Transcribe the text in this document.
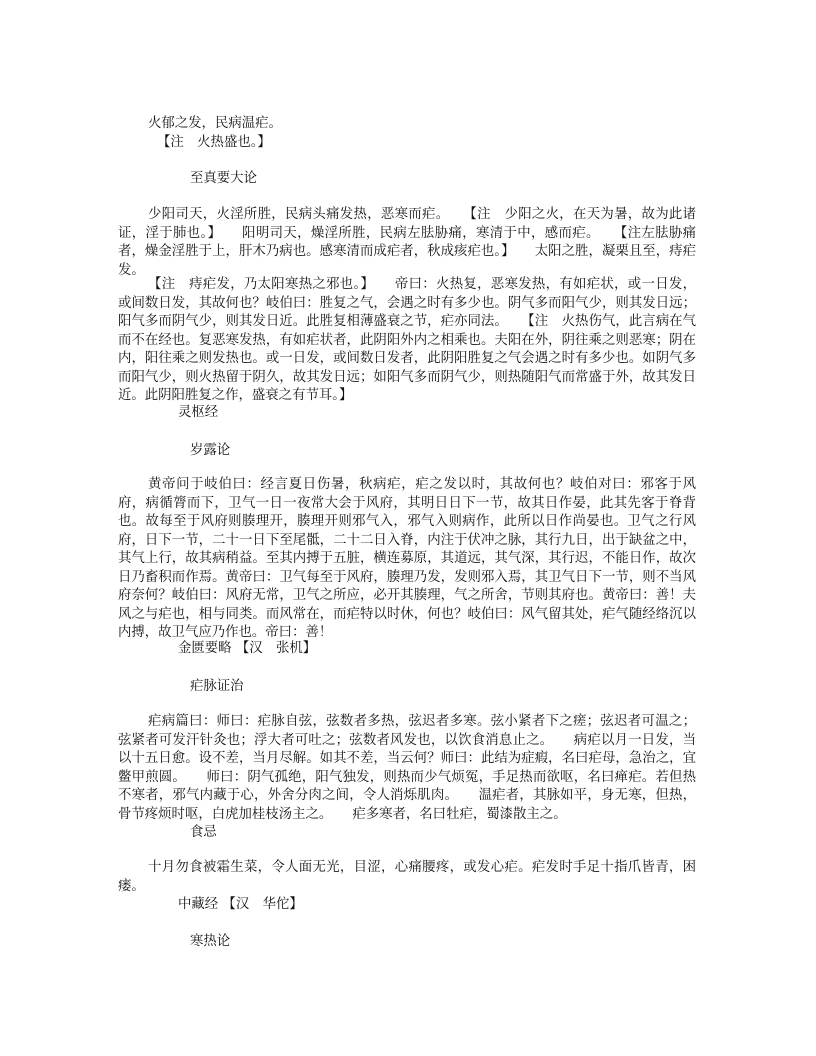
火郁之发，民病温疟。
【注　火热盛也。】
至真要大论

少阳司天，火淫所胜，民病头痛发热，恶寒而疟。　　【注　少阳之火，在天为暑，故为此诸证，淫于肺也。】　　阳明司天，燥淫所胜，民病左胠胁痛，寒清于中，感而疟。　　【注左胠胁痛者，燥金淫胜于上，肝木乃病也。感寒清而成疟者，秋成痎疟也。】　　太阳之胜，凝栗且至，痔疟发。

【注　痔疟发，乃太阳寒热之邪也。】　　帝曰：火热复，恶寒发热，有如疟状，或一日发，或间数日发，其故何也？岐伯曰：胜复之气，会遇之时有多少也。阴气多而阳气少，则其发日远；阳气多而阴气少，则其发日近。此胜复相薄盛衰之节，疟亦同法。　　【注　火热伤气，此言病在气而不在经也。复恶寒发热，有如疟状者，此阴阳外内之相乘也。夫阳在外，阴往乘之则恶寒；阴在内，阳往乘之则发热也。或一日发，或间数日发者，此阴阳胜复之气会遇之时有多少也。如阴气多而阳气少，则火热留于阴久，故其发日远；如阳气多而阴气少，则热随阳气而常盛于外，故其发日近。此阴阳胜复之作，盛衰之有节耳。】

灵枢经
岁露论

黄帝问于岐伯曰：经言夏日伤暑，秋病疟，疟之发以时，其故何也？岐伯对曰：邪客于风府，病循膂而下，卫气一日一夜常大会于风府，其明日日下一节，故其日作晏，此其先客于脊背也。故每至于风府则腠理开，腠理开则邪气入，邪气入则病作，此所以日作尚晏也。卫气之行风府，日下一节，二十一日下至尾骶，二十二日入脊，内注于伏冲之脉，其行九日，出于缺盆之中，其气上行，故其病稍益。至其内搏于五脏，横连募原，其道远，其气深，其行迟，不能日作，故次日乃畜积而作焉。黄帝曰：卫气每至于风府，腠理乃发，发则邪入焉，其卫气日下一节，则不当风府奈何？岐伯曰：风府无常，卫气之所应，必开其腠理，气之所舍，节则其府也。黄帝曰：善！夫风之与疟也，相与同类。而风常在，而疟特以时休，何也？岐伯曰：风气留其处，疟气随经络沉以内搏，故卫气应乃作也。帝曰：善！

金匮要略 【汉　张机】
疟脉证治

疟病篇曰：师曰：疟脉自弦，弦数者多热，弦迟者多寒。弦小紧者下之瘥；弦迟者可温之；弦紧者可发汗针灸也；浮大者可吐之；弦数者风发也，以饮食消息止之。　　病疟以月一日发，当以十五日愈。设不差，当月尽解。如其不差，当云何？师曰：此结为症瘕，名曰疟母，急治之，宜鳖甲煎圆。　　师曰：阴气孤绝，阳气独发，则热而少气烦冤，手足热而欲呕，名曰瘅疟。若但热不寒者，邪气内藏于心，外舍分肉之间，令人消烁肌肉。　　温疟者，其脉如平，身无寒，但热，骨节疼烦时呕，白虎加桂枝汤主之。　　疟多寒者，名曰牡疟，蜀漆散主之。

食忌

十月勿食被霜生菜，令人面无光，目涩，心痛腰疼，或发心疟。疟发时手足十指爪皆青，困瘘。

中藏经 【汉　华佗】
寒热论
